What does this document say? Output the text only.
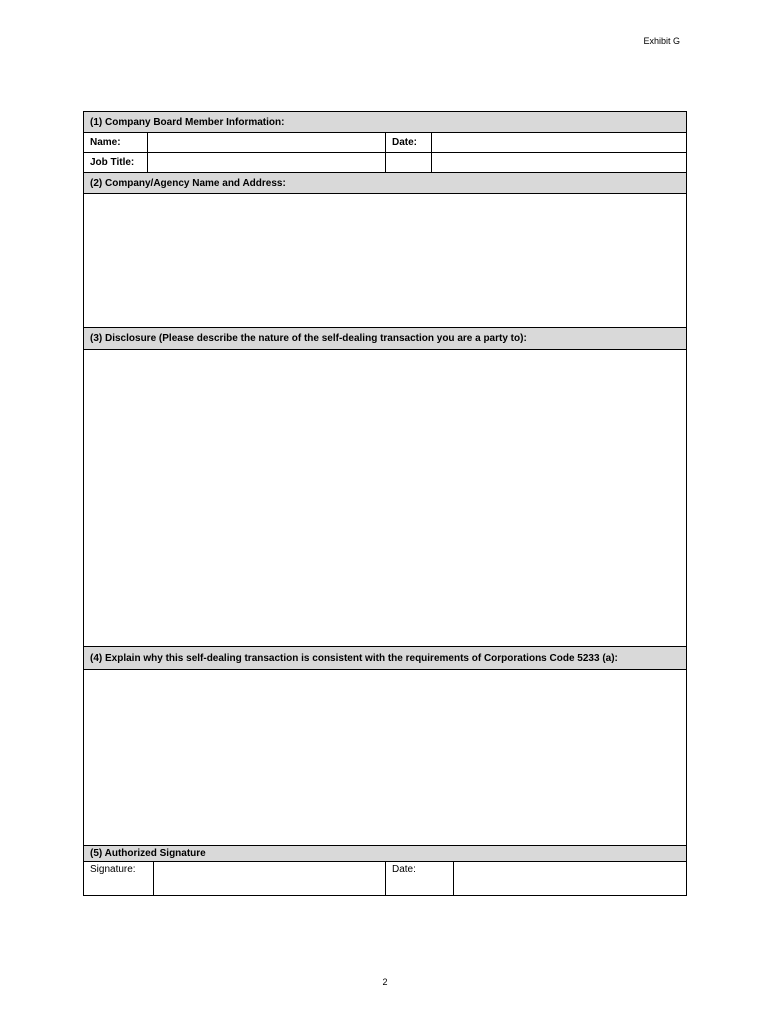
Exhibit G
(1) Company Board Member Information:
Name:	Date:
Job Title:
(2) Company/Agency Name and Address:
(3) Disclosure (Please describe the nature of the self-dealing transaction you are a party to):
(4) Explain why this self-dealing transaction is consistent with the requirements of Corporations Code 5233 (a):
(5) Authorized Signature
Signature:	Date:
2
